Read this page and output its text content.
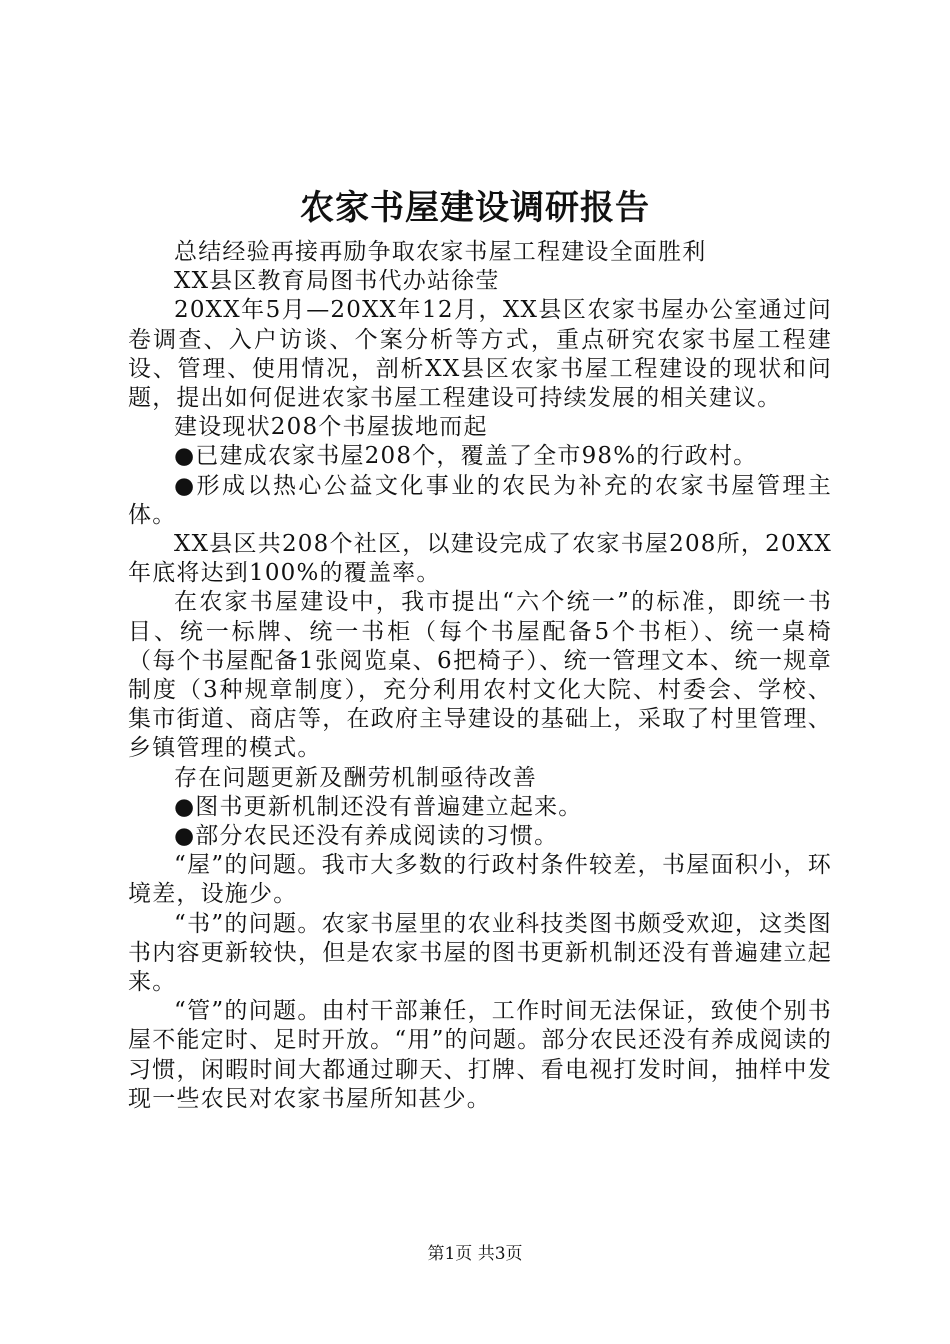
农家书屋建设调研报告

总结经验再接再励争取农家书屋工程建设全面胜利

XX县区教育局图书代办站徐莹

20XX年5月—20XX年12月，XX县区农家书屋办公室通过问卷调查、入户访谈、个案分析等方式，重点研究农家书屋工程建设、管理、使用情况，剖析XX县区农家书屋工程建设的现状和问题，提出如何促进农家书屋工程建设可持续发展的相关建议。

建设现状208个书屋拔地而起

●已建成农家书屋208个，覆盖了全市98%的行政村。

●形成以热心公益文化事业的农民为补充的农家书屋管理主体。

XX县区共208个社区，以建设完成了农家书屋208所，20XX年底将达到100%的覆盖率。

在农家书屋建设中，我市提出“六个统一”的标准，即统一书目、统一标牌、统一书柜（每个书屋配备5个书柜）、统一桌椅（每个书屋配备1张阅览桌、6把椅子）、统一管理文本、统一规章制度（3种规章制度），充分利用农村文化大院、村委会、学校、集市街道、商店等，在政府主导建设的基础上，采取了村里管理、乡镇管理的模式。

存在问题更新及酬劳机制亟待改善

●图书更新机制还没有普遍建立起来。

●部分农民还没有养成阅读的习惯。

“屋”的问题。我市大多数的行政村条件较差，书屋面积小，环境差，设施少。

“书”的问题。农家书屋里的农业科技类图书颇受欢迎，这类图书内容更新较快，但是农家书屋的图书更新机制还没有普遍建立起来。

“管”的问题。由村干部兼任，工作时间无法保证，致使个别书屋不能定时、足时开放。“用”的问题。部分农民还没有养成阅读的习惯，闲暇时间大都通过聊天、打牌、看电视打发时间，抽样中发现一些农民对农家书屋所知甚少。

第1页 共3页
